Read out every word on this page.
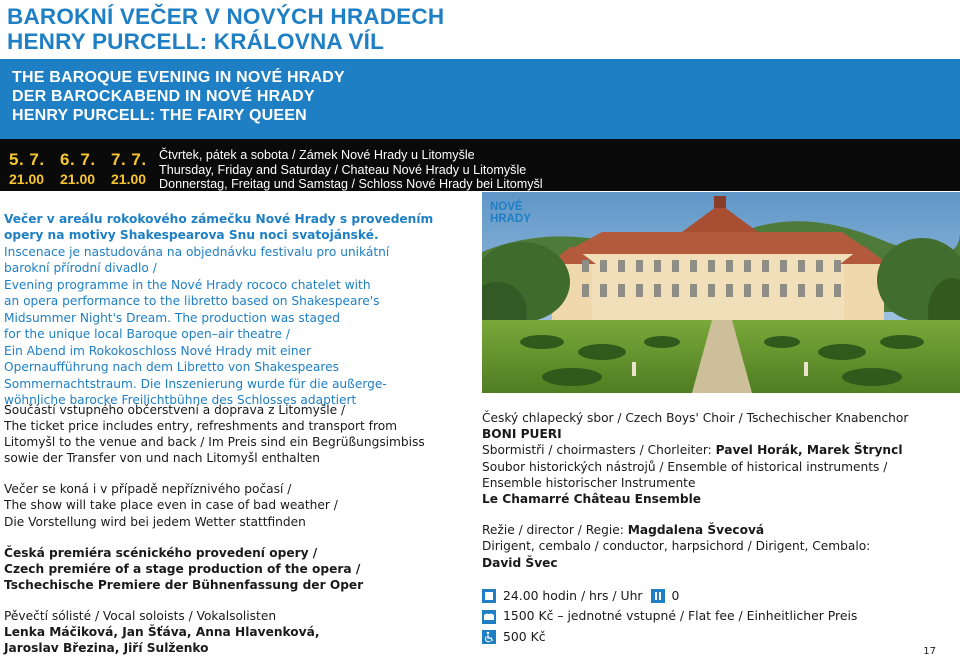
BAROKNÍ VEČER V NOVÝCH HRADECH
HENRY PURCELL: KRÁLOVNA VÍL
THE BAROQUE EVENING IN NOVÉ HRADY
DER BAROCKABEND IN NOVÉ HRADY
HENRY PURCELL: THE FAIRY QUEEN
5. 7.
21.00
6. 7.
21.00
7. 7.
21.00
Čtvrtek, pátek a sobota / Zámek Nové Hrady u Litomyšle
Thursday, Friday and Saturday / Chateau Nové Hrady u Litomyšle
Donnerstag, Freitag und Samstag / Schloss Nové Hrady bei Litomyšl
Večer v areálu rokokového zámečku Nové Hrady s provedením
opery na motivy Shakespearova Snu noci svatojánské.
Inscenace je nastudována na objednávku festivalu pro unikátní
barokní přírodní divadlo /
Evening programme in the Nové Hrady rococo chatelet with
an opera performance to the libretto based on Shakespeare's
Midsummer Night's Dream. The production was staged
for the unique local Baroque open–air theatre /
Ein Abend im Rokokoschloss Nové Hrady mit einer
Opernaufführung nach dem Libretto von Shakespeares
Sommernachtstraum. Die Inszenierung wurde für die außerge-
wöhnliche barocke Freilichtbühne des Schlosses adaptiert
NOVÉ
HRADY

Součástí vstupného občerstvení a doprava z Litomyšle /
The ticket price includes entry, refreshments and transport from
Litomyšl to the venue and back / Im Preis sind ein Begrüßungsimbiss
sowie der Transfer von und nach Litomyšl enthalten

Večer se koná i v případě nepříznivého počasí /
The show will take place even in case of bad weather /
Die Vorstellung wird bei jedem Wetter stattfinden

Česká premiéra scénického provedení opery /
Czech premiére of a stage production of the opera /
Tschechische Premiere der Bühnenfassung der Oper

Pěvečtí sólisté / Vocal soloists / Vokalsolisten
Lenka Máčiková, Jan Šťáva, Anna Hlavenková,
Jaroslav Březina, Jiří Sulženko

Český chlapecký sbor / Czech Boys' Choir / Tschechischer Knabenchor
BONI PUERI
Sbormistři / choirmasters / Chorleiter: Pavel Horák, Marek Štryncl
Soubor historických nástrojů / Ensemble of historical instruments /
Ensemble historischer Instrumente
Le Chamarré Château Ensemble

Režie / director / Regie: Magdalena Švecová
Dirigent, cembalo / conductor, harpsichord / Dirigent, Cembalo:
David Švec

24.00 hodin / hrs / Uhr 0
1500 Kč – jednotné vstupné / Flat fee / Einheitlicher Preis
500 Kč
17
